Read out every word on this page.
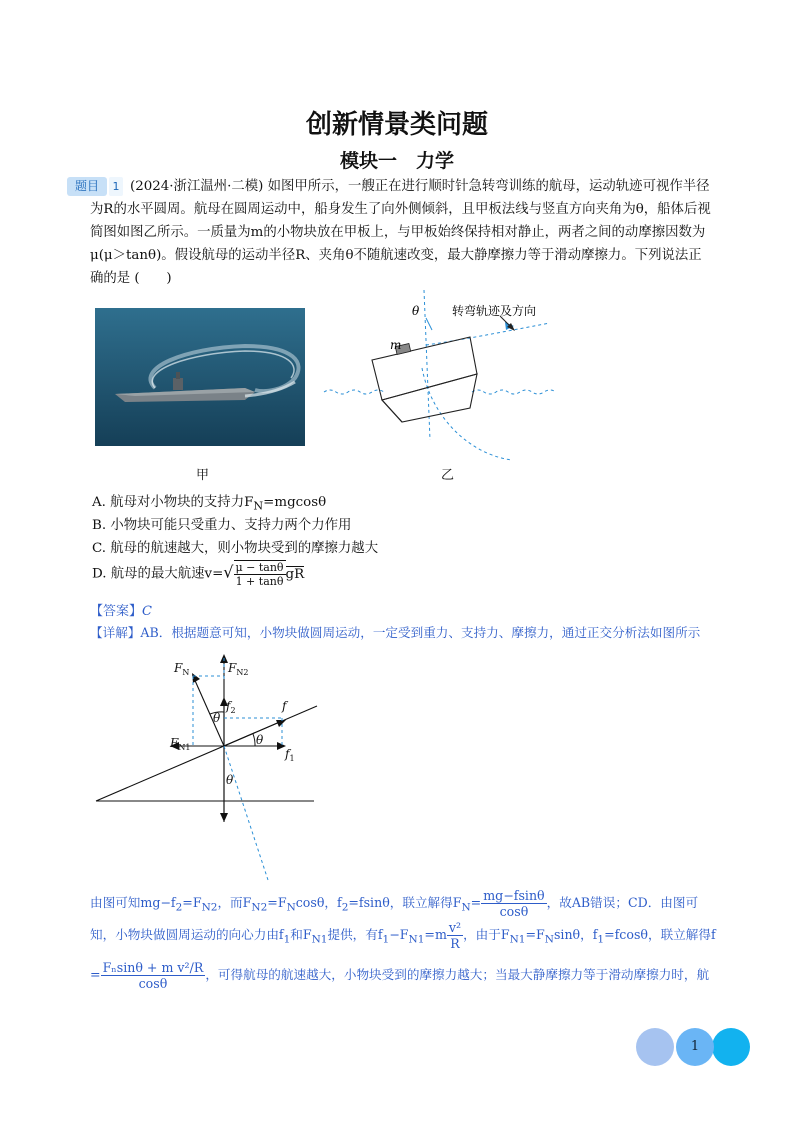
创新情景类问题
模块一　力学
题目	1 (2024·浙江温州·二模) 如图甲所示，一艘正在进行顺时针急转弯训练的航母，运动轨迹可视作半径
为R的水平圆周。航母在圆周运动中，船身发生了向外侧倾斜，且甲板法线与竖直方向夹角为θ，船体后视
简图如图乙所示。一质量为m的小物块放在甲板上，与甲板始终保持相对静止，两者之间的动摩擦因数为
μ(μ＞tanθ)。假设航母的运动半径R、夹角θ不随航速改变，最大静摩擦力等于滑动摩擦力。下列说法正
确的是 (　　)
甲
m
θ	转弯轨迹及方向
乙
A. 航母对小物块的支持力$F_N=mgcos\theta$
B. 小物块可能只受重力、支持力两个力作用
C. 航母的航速越大，则小物块受到的摩擦力越大
D. 航母的最大航速$v=√ \frac{\mu - \tan\theta}{1 + \tan\theta}$ gR
【答案】C
【详解】AB．根据题意可知，小物块做圆周运动，一定受到重力、支持力、摩擦力，通过正交分析法如图所示
$F_N$	$F_{N2}$
$F_{N1}$
f
$f_1$
$f_2$
θ
θ
θ
由图可知$mg-f_2=F_{N2}$，而$F_{N2}=F_N\cos\theta$，$f_2=fsin\theta$，联立解得$F_N= \frac{mg-fsin\theta}{\cos\theta}$ ，故AB错误；CD．由图可
知，小物块做圆周运动的向心力由$f_1$和$F_{N1}$提供，有$f_1-F_{N1}=m \frac{\text{v²}}{R}$ ，由于$F_{N1}=F_N\sin\theta$，$f_1=fcos\theta$，联立解得f
= $\frac{\text{Fₙsinθ + m v²/R}}{\cos\theta}$ ，可得航母的航速越大，小物块受到的摩擦力越大；当最大静摩擦力等于滑动摩擦力时，航
1
